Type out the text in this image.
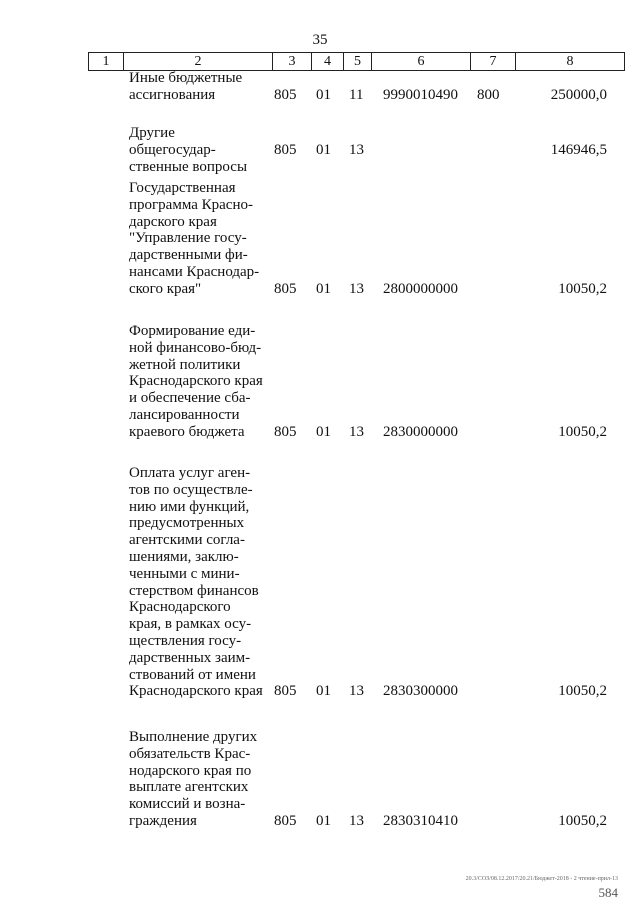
35
1	2	3	4	5	6	7	8
Иные бюджетные
ассигнования	805 01 11 9990010490 800	250000,0
Другие общегосудар-
ственные вопросы
805 01 13	146946,5
Государственная
программа Красно-
дарского края
"Управление госу-
дарственными фи-
нансами Краснодар-
ского края"	805 01 13 2800000000	10050,2
Формирование еди-
ной финансово-бюд-
жетной политики
Краснодарского края
и обеспечение сба-
лансированности
краевого бюджета	805 01 13 2830000000	10050,2
Оплата услуг аген-
тов по осуществле-
нию ими функций,
предусмотренных
агентскими согла-
шениями, заклю-
ченными с мини-
стерством финансов
Краснодарского
края, в рамках осу-
ществления госу-
дарственных заим-
ствований от имени
Краснодарского края 805 01 13 2830300000	10050,2
Выполнение других
обязательств Крас-
нодарского края по
выплате агентских
комиссий и возна-
граждения	805 01 13 2830310410	10050,2
20.3/СОЗ/08.12.2017/20.21/Бюджет-2018 - 2 чтение-прил-13
584
